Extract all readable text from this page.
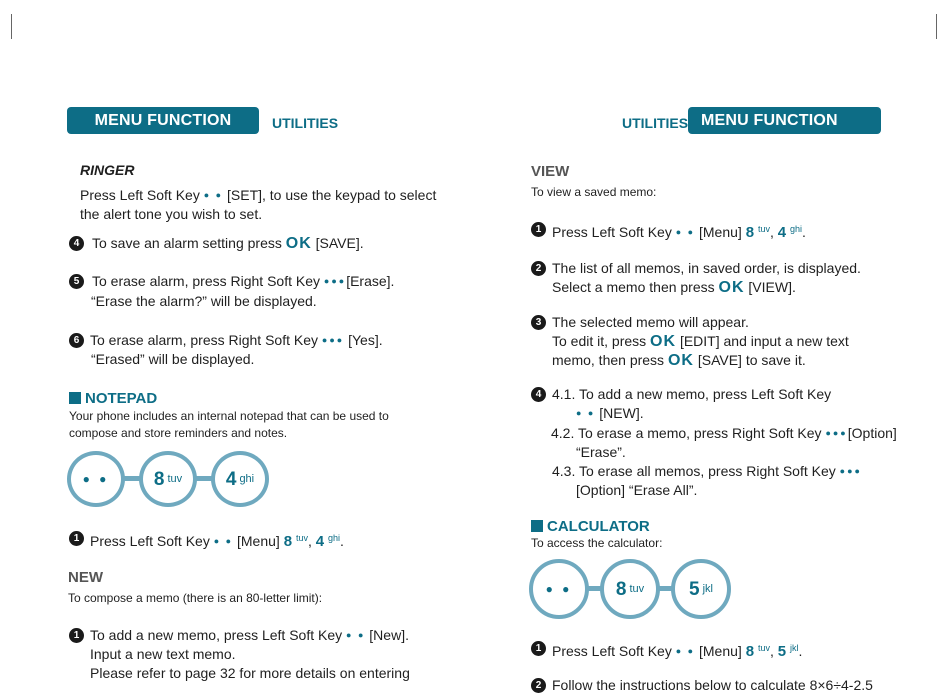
MENU FUNCTION	UTILITIES
RINGER
Press Left Soft Key ● ● [SET], to use the keypad to select
the alert tone you wish to set.
4 To save an alarm setting press OK [SAVE].
5 To erase alarm, press Right Soft Key ●●●[Erase].
“Erase the alarm?” will be displayed.
6 To erase alarm, press Right Soft Key ●●● [Yes].
“Erased” will be displayed.
NOTEPAD
Your phone includes an internal notepad that can be used to
compose and store reminders and notes.
● ●	8 tuv	4 ghi
1 Press Left Soft Key ● ● [Menu] 8 $^{tuv}$, 4 $^{ghi}$.
NEW
To compose a memo (there is an 80-letter limit):
1 To add a new memo, press Left Soft Key ● ● [New].
Input a new text memo.
Please refer to page 32 for more details on entering
UTILITIES MENU FUNCTION
VIEW
To view a saved memo:
1 Press Left Soft Key ● ● [Menu] 8 $^{tuv}$, 4 $^{ghi}$.
2 The list of all memos, in saved order, is displayed.
Select a memo then press OK [VIEW].
3 The selected memo will appear.
To edit it, press OK [EDIT] and input a new text
memo, then press OK [SAVE] to save it.
4 4.1. To add a new memo, press Left Soft Key
● ● [NEW].
4.2. To erase a memo, press Right Soft Key ●●●[Option]
“Erase”.
4.3. To erase all memos, press Right Soft Key ●●●
[Option] “Erase All”.
CALCULATOR
To access the calculator:
● ●	8 tuv	5 jkl
1 Press Left Soft Key ● ● [Menu] 8 $^{tuv}$, 5 $^{jkl}$.
2 Follow the instructions below to calculate 8×6÷4-2.5
